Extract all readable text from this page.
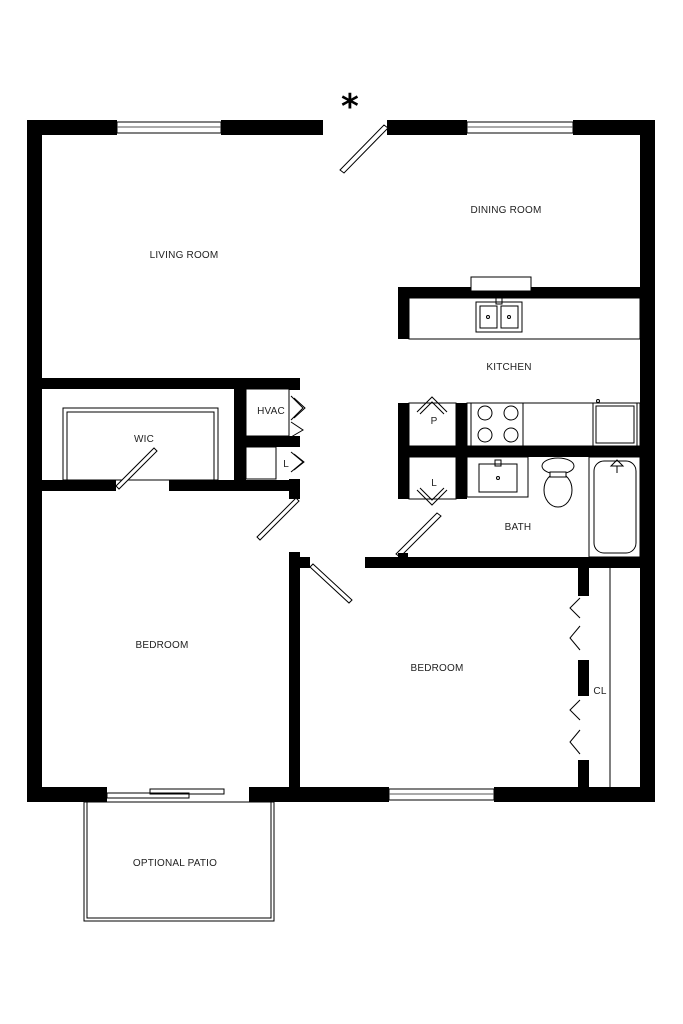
*
LIVING ROOM
DINING ROOM
KITCHEN
HVAC
WIC
L
L
P
BATH
BEDROOM
BEDROOM
CL
OPTIONAL PATIO
